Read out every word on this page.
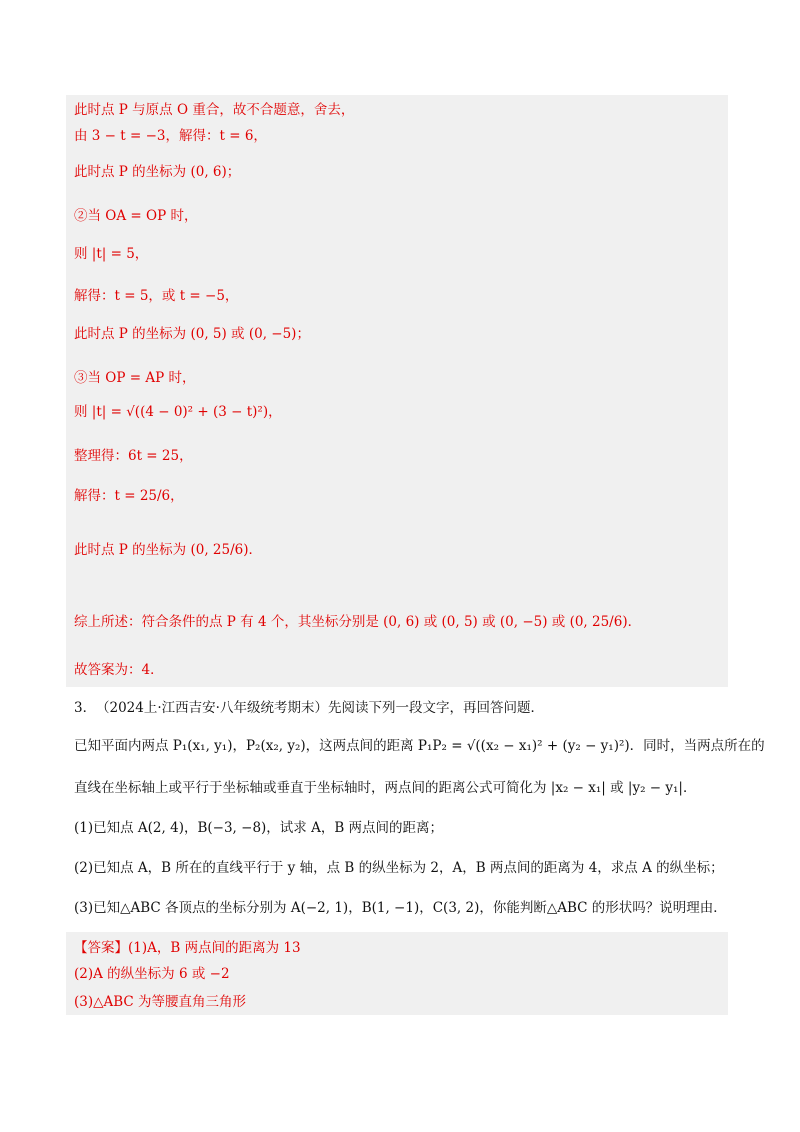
此时点 P 与原点 O 重合，故不合题意，舍去，
由 3 − t = −3，解得：t = 6，
此时点 P 的坐标为 (0, 6)；
②当 OA = OP 时，
则 |t| = 5，
解得：t = 5，或 t = −5，
此时点 P 的坐标为 (0, 5) 或 (0, −5)；
③当 OP = AP 时，
则 |t| = √((4 − 0)² + (3 − t)²)，
整理得：6t = 25，
解得：t = 25/6，
此时点 P 的坐标为 (0, 25/6)．
综上所述：符合条件的点 P 有 4 个，其坐标分别是 (0, 6) 或 (0, 5) 或 (0, −5) 或 (0, 25/6)．
故答案为：4．
3． （2024上·江西吉安·八年级统考期末）先阅读下列一段文字，再回答问题．
已知平面内两点 P₁(x₁, y₁)，P₂(x₂, y₂)，这两点间的距离 P₁P₂ = √((x₂ − x₁)² + (y₂ − y₁)²)．同时，当两点所在的
直线在坐标轴上或平行于坐标轴或垂直于坐标轴时，两点间的距离公式可简化为 |x₂ − x₁| 或 |y₂ − y₁|．
(1)已知点 A(2, 4)，B(−3, −8)，试求 A，B 两点间的距离；
(2)已知点 A，B 所在的直线平行于 y 轴，点 B 的纵坐标为 2，A，B 两点间的距离为 4，求点 A 的纵坐标；
(3)已知△ABC 各顶点的坐标分别为 A(−2, 1)，B(1, −1)，C(3, 2)，你能判断△ABC 的形状吗？说明理由．
【答案】(1)A，B 两点间的距离为 13
(2)A 的纵坐标为 6 或 −2
(3)△ABC 为等腰直角三角形
